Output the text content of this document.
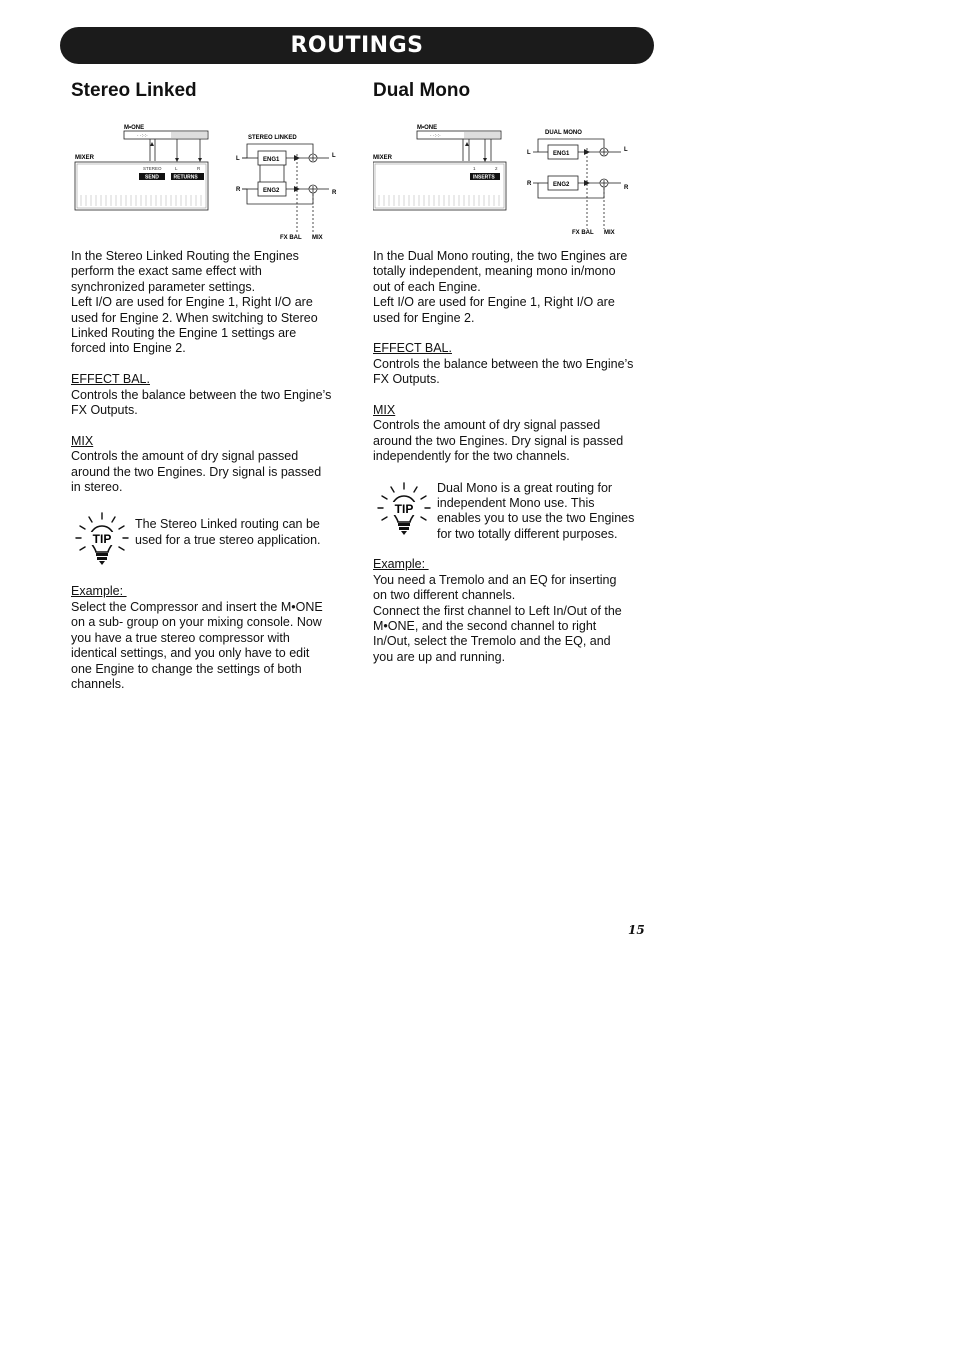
ROUTINGS
Stereo Linked
M•ONE
· ·:·:·
MIXER
STEREO	L	R
SEND	RETURNS
STEREO LINKED
L
R
L
R
ENG1
ENG2
FX BAL MIX
In the Stereo Linked Routing the Engines
perform the exact same effect with
synchronized parameter settings.
Left I/O are used for Engine 1, Right I/O are
used for Engine 2. When switching to Stereo
Linked Routing the Engine 1 settings are
forced into Engine 2.
EFFECT BAL.
Controls the balance between the two Engine’s
FX Outputs.
MIX
Controls the amount of dry signal passed
around the two Engines. Dry signal is passed
in stereo.
TIP
The Stereo Linked routing can be
used for a true stereo application.
Example:
Select the Compressor and insert the M•ONE
on a sub- group on your mixing console. Now
you have a true stereo compressor with
identical settings, and you only have to edit
one Engine to change the settings of both
channels.
Dual Mono
M•ONE
· ·:·:·
MIXER
1	2
INSERTS
DUAL MONO
L
R
L
R
ENG1
ENG2
FX BAL MIX
In the Dual Mono routing, the two Engines are
totally independent, meaning mono in/mono
out of each Engine.
Left I/O are used for Engine 1, Right I/O are
used for Engine 2.
EFFECT BAL.
Controls the balance between the two Engine’s
FX Outputs.
MIX
Controls the amount of dry signal passed
around the two Engines. Dry signal is passed
independently for the two channels.
TIP
Dual Mono is a great routing for
independent Mono use. This
enables you to use the two Engines
for two totally different purposes.
Example:
You need a Tremolo and an EQ for inserting
on two different channels.
Connect the first channel to Left In/Out of the
M•ONE, and the second channel to right
In/Out, select the Tremolo and the EQ, and
you are up and running.
15
